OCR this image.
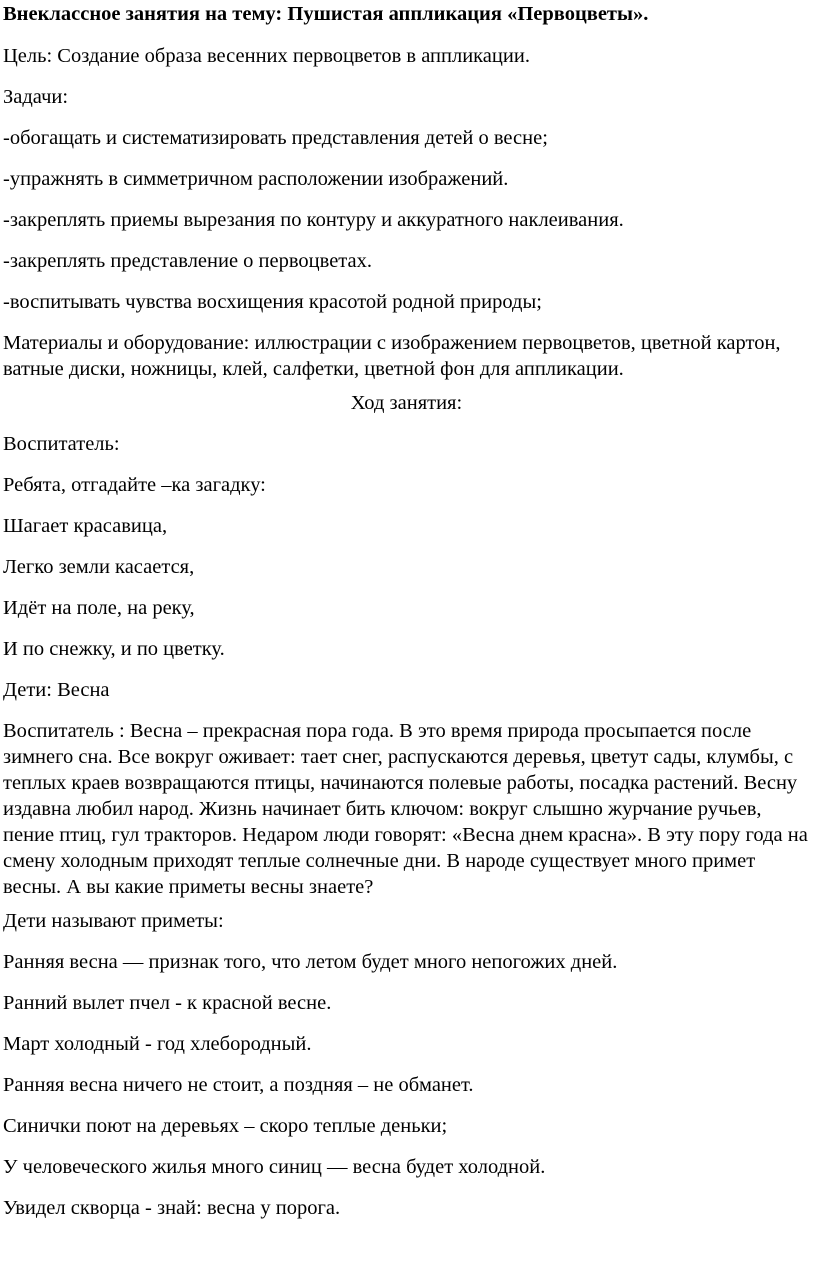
Внеклассное занятия на тему: Пушистая аппликация «Первоцветы».

Цель: Создание образа весенних первоцветов в аппликации.

Задачи:

-обогащать и систематизировать представления детей о весне;

-упражнять в симметричном расположении изображений.

-закреплять приемы вырезания по контуру и аккуратного наклеивания.

-закреплять представление о первоцветах.

-воспитывать чувства восхищения красотой родной природы;

Материалы и оборудование: иллюстрации с изображением первоцветов, цветной картон, ватные диски, ножницы, клей, салфетки, цветной фон для аппликации.

Ход занятия:

Воспитатель:

Ребята, отгадайте –ка загадку:

Шагает красавица,

Легко земли касается,

Идёт на поле, на реку,

И по снежку, и по цветку.

Дети: Весна

Воспитатель : Весна – прекрасная пора года. В это время природа просыпается после зимнего сна. Все вокруг оживает: тает снег, распускаются деревья, цветут сады, клумбы, с теплых краев возвращаются птицы, начинаются полевые работы, посадка растений. Весну издавна любил народ. Жизнь начинает бить ключом: вокруг слышно журчание ручьев, пение птиц, гул тракторов. Недаром люди говорят: «Весна днем красна». В эту пору года на смену холодным приходят теплые солнечные дни. В народе существует много примет весны. А вы какие приметы весны знаете?

Дети называют приметы:

Ранняя весна — признак того, что летом будет много непогожих дней.

Ранний вылет пчел - к красной весне.

Март холодный - год хлебородный.

Ранняя весна ничего не стоит, а поздняя – не обманет.

Синички поют на деревьях – скоро теплые деньки;

У человеческого жилья много синиц — весна будет холодной.

Увидел скворца - знай: весна у порога.
